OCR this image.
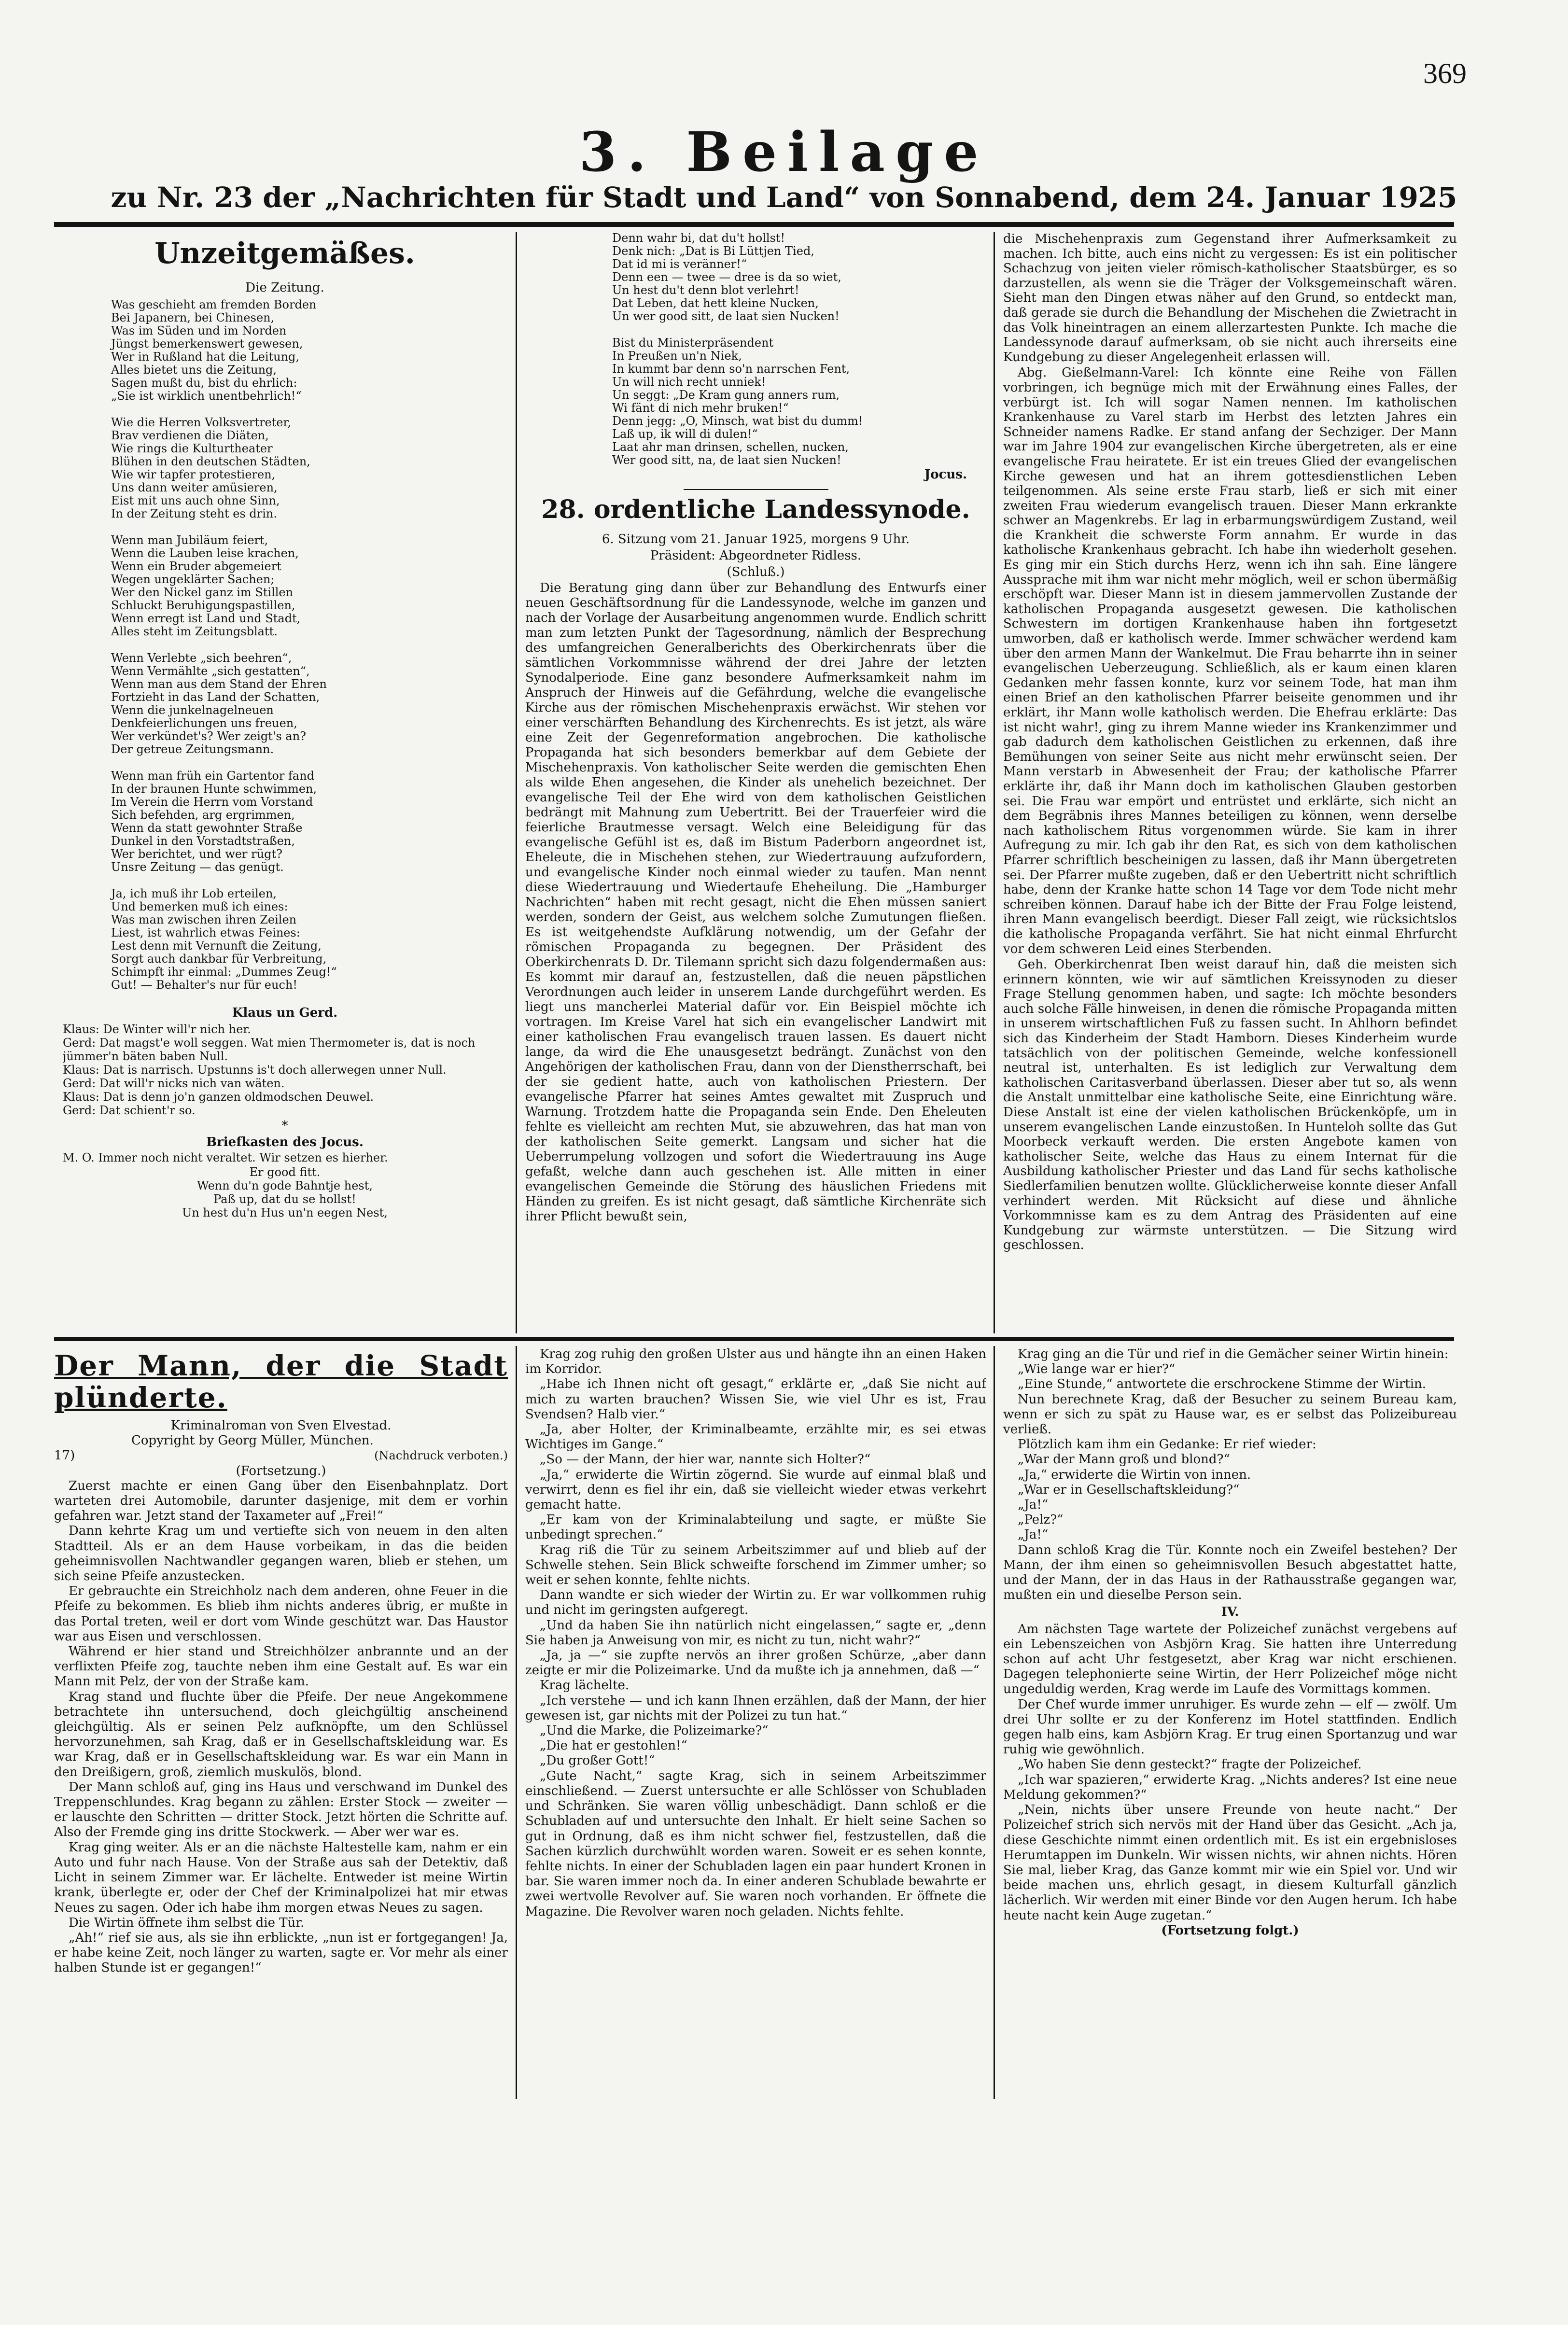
369
3. Beilage
zu Nr. 23 der „Nachrichten für Stadt und Land“ von Sonnabend, dem 24. Januar 1925
Unzeitgemäßes.

Die Zeitung.

Was geschieht am fremden Borden
Bei Japanern, bei Chinesen,
Was im Süden und im Norden
Jüngst bemerkenswert gewesen,
Wer in Rußland hat die Leitung,
Alles bietet uns die Zeitung,
Sagen mußt du, bist du ehrlich:
„Sie ist wirklich unentbehrlich!“

Wie die Herren Volksvertreter,
Brav verdienen die Diäten,
Wie rings die Kulturtheater
Blühen in den deutschen Städten,
Wie wir tapfer protestieren,
Uns dann weiter amüsieren,
Eist mit uns auch ohne Sinn,
In der Zeitung steht es drin.

Wenn man Jubiläum feiert,
Wenn die Lauben leise krachen,
Wenn ein Bruder abgemeiert
Wegen ungeklärter Sachen;
Wer den Nickel ganz im Stillen
Schluckt Beruhigungspastillen,
Wenn erregt ist Land und Stadt,
Alles steht im Zeitungsblatt.

Wenn Verlebte „sich beehren“,
Wenn Vermählte „sich gestatten“,
Wenn man aus dem Stand der Ehren
Fortzieht in das Land der Schatten,
Wenn die junkelnagelneuen
Denkfeierlichungen uns freuen,
Wer verkündet's? Wer zeigt's an?
Der getreue Zeitungsmann.

Wenn man früh ein Gartentor fand
In der braunen Hunte schwimmen,
Im Verein die Herrn vom Vorstand
Sich befehden, arg ergrimmen,
Wenn da statt gewohnter Straße
Dunkel in den Vorstadtstraßen,
Wer berichtet, und wer rügt?
Unsre Zeitung — das genügt.

Ja, ich muß ihr Lob erteilen,
Und bemerken muß ich eines:
Was man zwischen ihren Zeilen
Liest, ist wahrlich etwas Feines:
Lest denn mit Vernunft die Zeitung,
Sorgt auch dankbar für Verbreitung,
Schimpft ihr einmal: „Dummes Zeug!“
Gut! — Behalter's nur für euch!

Klaus un Gerd.

Klaus: De Winter will'r nich her.

Gerd: Dat magst'e woll seggen. Wat mien Thermometer is, dat is noch jümmer'n bäten baben Null.

Klaus: Dat is narrisch. Upstunns is't doch allerwegen unner Null.

Gerd: Dat will'r nicks nich van wäten.

Klaus: Dat is denn jo'n ganzen oldmodschen Deuwel.

Gerd: Dat schient'r so.

*

Briefkasten des Jocus.

M. O. Immer noch nicht veraltet. Wir setzen es hierher.

Er good fitt.
Wenn du'n gode Bahntje hest,
Paß up, dat du se hollst!
Un hest du'n Hus un'n eegen Nest,

Denn wahr bi, dat du't hollst!
Denk nich: „Dat is Bi Lüttjen Tied,
Dat id mi is veränner!“
Denn een — twee — dree is da so wiet,
Un hest du't denn blot verlehrt!
Dat Leben, dat hett kleine Nucken,
Un wer good sitt, de laat sien Nucken!

Bist du Ministerpräsendent
In Preußen un'n Niek,
In kummt bar denn so'n narrschen Fent,
Un will nich recht unniek!
Un seggt: „De Kram gung anners rum,
Wi fänt di nich mehr bruken!“
Denn jegg: „O, Minsch, wat bist du dumm!
Laß up, ik will di dulen!“
Laat ahr man drinsen, schellen, nucken,
Wer good sitt, na, de laat sien Nucken!

Jocus.

28. ordentliche Landessynode.

6. Sitzung vom 21. Januar 1925, morgens 9 Uhr.

Präsident: Abgeordneter Ridless.

(Schluß.)

Die Beratung ging dann über zur Behandlung des Entwurfs einer neuen Geschäftsordnung für die Landessynode, welche im ganzen und nach der Vorlage der Ausarbeitung angenommen wurde. Endlich schritt man zum letzten Punkt der Tagesordnung, nämlich der Besprechung des umfangreichen Generalberichts des Oberkirchenrats über die sämtlichen Vorkommnisse während der drei Jahre der letzten Synodalperiode. Eine ganz besondere Aufmerksamkeit nahm im Anspruch der Hinweis auf die Gefährdung, welche die evangelische Kirche aus der römischen Mischehenpraxis erwächst. Wir stehen vor einer verschärften Behandlung des Kirchenrechts. Es ist jetzt, als wäre eine Zeit der Gegenreformation angebrochen. Die katholische Propaganda hat sich besonders bemerkbar auf dem Gebiete der Mischehenpraxis. Von katholischer Seite werden die gemischten Ehen als wilde Ehen angesehen, die Kinder als unehelich bezeichnet. Der evangelische Teil der Ehe wird von dem katholischen Geistlichen bedrängt mit Mahnung zum Uebertritt. Bei der Trauerfeier wird die feierliche Brautmesse versagt. Welch eine Beleidigung für das evangelische Gefühl ist es, daß im Bistum Paderborn angeordnet ist, Eheleute, die in Mischehen stehen, zur Wiedertrauung aufzufordern, und evangelische Kinder noch einmal wieder zu taufen. Man nennt diese Wiedertrauung und Wiedertaufe Eheheilung. Die „Hamburger Nachrichten“ haben mit recht gesagt, nicht die Ehen müssen saniert werden, sondern der Geist, aus welchem solche Zumutungen fließen. Es ist weitgehendste Aufklärung notwendig, um der Gefahr der römischen Propaganda zu begegnen. Der Präsident des Oberkirchenrats D. Dr. Tilemann spricht sich dazu folgendermaßen aus: Es kommt mir darauf an, festzustellen, daß die neuen päpstlichen Verordnungen auch leider in unserem Lande durchgeführt werden. Es liegt uns mancherlei Material dafür vor. Ein Beispiel möchte ich vortragen. Im Kreise Varel hat sich ein evangelischer Landwirt mit einer katholischen Frau evangelisch trauen lassen. Es dauert nicht lange, da wird die Ehe unausgesetzt bedrängt. Zunächst von den Angehörigen der katholischen Frau, dann von der Dienstherrschaft, bei der sie gedient hatte, auch von katholischen Priestern. Der evangelische Pfarrer hat seines Amtes gewaltet mit Zuspruch und Warnung. Trotzdem hatte die Propaganda sein Ende. Den Eheleuten fehlte es vielleicht am rechten Mut, sie abzuwehren, das hat man von der katholischen Seite gemerkt. Langsam und sicher hat die Ueberrumpelung vollzogen und sofort die Wiedertrauung ins Auge gefaßt, welche dann auch geschehen ist. Alle mitten in einer evangelischen Gemeinde die Störung des häuslichen Friedens mit Händen zu greifen. Es ist nicht gesagt, daß sämtliche Kirchenräte sich ihrer Pflicht bewußt sein,

die Mischehenpraxis zum Gegenstand ihrer Aufmerksamkeit zu machen. Ich bitte, auch eins nicht zu vergessen: Es ist ein politischer Schachzug von jeiten vieler römisch-katholischer Staatsbürger, es so darzustellen, als wenn sie die Träger der Volksgemeinschaft wären. Sieht man den Dingen etwas näher auf den Grund, so entdeckt man, daß gerade sie durch die Behandlung der Mischehen die Zwietracht in das Volk hineintragen an einem allerzartesten Punkte. Ich mache die Landessynode darauf aufmerksam, ob sie nicht auch ihrerseits eine Kundgebung zu dieser Angelegenheit erlassen will.

Abg. Gießelmann-Varel: Ich könnte eine Reihe von Fällen vorbringen, ich begnüge mich mit der Erwähnung eines Falles, der verbürgt ist. Ich will sogar Namen nennen. Im katholischen Krankenhause zu Varel starb im Herbst des letzten Jahres ein Schneider namens Radke. Er stand anfang der Sechziger. Der Mann war im Jahre 1904 zur evangelischen Kirche übergetreten, als er eine evangelische Frau heiratete. Er ist ein treues Glied der evangelischen Kirche gewesen und hat an ihrem gottesdienstlichen Leben teilgenommen. Als seine erste Frau starb, ließ er sich mit einer zweiten Frau wiederum evangelisch trauen. Dieser Mann erkrankte schwer an Magenkrebs. Er lag in erbarmungswürdigem Zustand, weil die Krankheit die schwerste Form annahm. Er wurde in das katholische Krankenhaus gebracht. Ich habe ihn wiederholt gesehen. Es ging mir ein Stich durchs Herz, wenn ich ihn sah. Eine längere Aussprache mit ihm war nicht mehr möglich, weil er schon übermäßig erschöpft war. Dieser Mann ist in diesem jammervollen Zustande der katholischen Propaganda ausgesetzt gewesen. Die katholischen Schwestern im dortigen Krankenhause haben ihn fortgesetzt umworben, daß er katholisch werde. Immer schwächer werdend kam über den armen Mann der Wankelmut. Die Frau beharrte ihn in seiner evangelischen Ueberzeugung. Schließlich, als er kaum einen klaren Gedanken mehr fassen konnte, kurz vor seinem Tode, hat man ihm einen Brief an den katholischen Pfarrer beiseite genommen und ihr erklärt, ihr Mann wolle katholisch werden. Die Ehefrau erklärte: Das ist nicht wahr!, ging zu ihrem Manne wieder ins Krankenzimmer und gab dadurch dem katholischen Geistlichen zu erkennen, daß ihre Bemühungen von seiner Seite aus nicht mehr erwünscht seien. Der Mann verstarb in Abwesenheit der Frau; der katholische Pfarrer erklärte ihr, daß ihr Mann doch im katholischen Glauben gestorben sei. Die Frau war empört und entrüstet und erklärte, sich nicht an dem Begräbnis ihres Mannes beteiligen zu können, wenn derselbe nach katholischem Ritus vorgenommen würde. Sie kam in ihrer Aufregung zu mir. Ich gab ihr den Rat, es sich von dem katholischen Pfarrer schriftlich bescheinigen zu lassen, daß ihr Mann übergetreten sei. Der Pfarrer mußte zugeben, daß er den Uebertritt nicht schriftlich habe, denn der Kranke hatte schon 14 Tage vor dem Tode nicht mehr schreiben können. Darauf habe ich der Bitte der Frau Folge leistend, ihren Mann evangelisch beerdigt. Dieser Fall zeigt, wie rücksichtslos die katholische Propaganda verfährt. Sie hat nicht einmal Ehrfurcht vor dem schweren Leid eines Sterbenden.

Geh. Oberkirchenrat Iben weist darauf hin, daß die meisten sich erinnern könnten, wie wir auf sämtlichen Kreissynoden zu dieser Frage Stellung genommen haben, und sagte: Ich möchte besonders auch solche Fälle hinweisen, in denen die römische Propaganda mitten in unserem wirtschaftlichen Fuß zu fassen sucht. In Ahlhorn befindet sich das Kinderheim der Stadt Hamborn. Dieses Kinderheim wurde tatsächlich von der politischen Gemeinde, welche konfessionell neutral ist, unterhalten. Es ist lediglich zur Verwaltung dem katholischen Caritasverband überlassen. Dieser aber tut so, als wenn die Anstalt unmittelbar eine katholische Seite, eine Einrichtung wäre. Diese Anstalt ist eine der vielen katholischen Brückenköpfe, um in unserem evangelischen Lande einzustoßen. In Hunteloh sollte das Gut Moorbeck verkauft werden. Die ersten Angebote kamen von katholischer Seite, welche das Haus zu einem Internat für die Ausbildung katholischer Priester und das Land für sechs katholische Siedlerfamilien benutzen wollte. Glücklicherweise konnte dieser Anfall verhindert werden. Mit Rücksicht auf diese und ähnliche Vorkommnisse kam es zu dem Antrag des Präsidenten auf eine Kundgebung zur wärmste unterstützen. — Die Sitzung wird geschlossen.

Der Mann, der die Stadt plünderte.

Kriminalroman von Sven Elvestad.

Copyright by Georg Müller, München.

17)	(Nachdruck verboten.)

(Fortsetzung.)

Zuerst machte er einen Gang über den Eisenbahnplatz. Dort warteten drei Automobile, darunter dasjenige, mit dem er vorhin gefahren war. Jetzt stand der Taxameter auf „Frei!“

Dann kehrte Krag um und vertiefte sich von neuem in den alten Stadtteil. Als er an dem Hause vorbeikam, in das die beiden geheimnisvollen Nachtwandler gegangen waren, blieb er stehen, um sich seine Pfeife anzustecken.

Er gebrauchte ein Streichholz nach dem anderen, ohne Feuer in die Pfeife zu bekommen. Es blieb ihm nichts anderes übrig, er mußte in das Portal treten, weil er dort vom Winde geschützt war. Das Haustor war aus Eisen und verschlossen.

Während er hier stand und Streichhölzer anbrannte und an der verflixten Pfeife zog, tauchte neben ihm eine Gestalt auf. Es war ein Mann mit Pelz, der von der Straße kam.

Krag stand und fluchte über die Pfeife. Der neue Angekommene betrachtete ihn untersuchend, doch gleichgültig anscheinend gleichgültig. Als er seinen Pelz aufknöpfte, um den Schlüssel hervorzunehmen, sah Krag, daß er in Gesellschaftskleidung war. Es war Krag, daß er in Gesellschaftskleidung war. Es war ein Mann in den Dreißigern, groß, ziemlich muskulös, blond.

Der Mann schloß auf, ging ins Haus und verschwand im Dunkel des Treppenschlundes. Krag begann zu zählen: Erster Stock — zweiter — er lauschte den Schritten — dritter Stock. Jetzt hörten die Schritte auf. Also der Fremde ging ins dritte Stockwerk. — Aber wer war es.

Krag ging weiter. Als er an die nächste Haltestelle kam, nahm er ein Auto und fuhr nach Hause. Von der Straße aus sah der Detektiv, daß Licht in seinem Zimmer war. Er lächelte. Entweder ist meine Wirtin krank, überlegte er, oder der Chef der Kriminalpolizei hat mir etwas Neues zu sagen. Oder ich habe ihm morgen etwas Neues zu sagen.

Die Wirtin öffnete ihm selbst die Tür.

„Ah!“ rief sie aus, als sie ihn erblickte, „nun ist er fortgegangen! Ja, er habe keine Zeit, noch länger zu warten, sagte er. Vor mehr als einer halben Stunde ist er gegangen!“

Krag zog ruhig den großen Ulster aus und hängte ihn an einen Haken im Korridor.

„Habe ich Ihnen nicht oft gesagt,“ erklärte er, „daß Sie nicht auf mich zu warten brauchen? Wissen Sie, wie viel Uhr es ist, Frau Svendsen? Halb vier.“

„Ja, aber Holter, der Kriminalbeamte, erzählte mir, es sei etwas Wichtiges im Gange.“

„So — der Mann, der hier war, nannte sich Holter?“

„Ja,“ erwiderte die Wirtin zögernd. Sie wurde auf einmal blaß und verwirrt, denn es fiel ihr ein, daß sie vielleicht wieder etwas verkehrt gemacht hatte.

„Er kam von der Kriminalabteilung und sagte, er müßte Sie unbedingt sprechen.“

Krag riß die Tür zu seinem Arbeitszimmer auf und blieb auf der Schwelle stehen. Sein Blick schweifte forschend im Zimmer umher; so weit er sehen konnte, fehlte nichts.

Dann wandte er sich wieder der Wirtin zu. Er war vollkommen ruhig und nicht im geringsten aufgeregt.

„Und da haben Sie ihn natürlich nicht eingelassen,“ sagte er, „denn Sie haben ja Anweisung von mir, es nicht zu tun, nicht wahr?“

„Ja, ja —“ sie zupfte nervös an ihrer großen Schürze, „aber dann zeigte er mir die Polizeimarke. Und da mußte ich ja annehmen, daß —“

Krag lächelte.

„Ich verstehe — und ich kann Ihnen erzählen, daß der Mann, der hier gewesen ist, gar nichts mit der Polizei zu tun hat.“

„Und die Marke, die Polizeimarke?“

„Die hat er gestohlen!“

„Du großer Gott!“

„Gute Nacht,“ sagte Krag, sich in seinem Arbeitszimmer einschließend. — Zuerst untersuchte er alle Schlösser von Schubladen und Schränken. Sie waren völlig unbeschädigt. Dann schloß er die Schubladen auf und untersuchte den Inhalt. Er hielt seine Sachen so gut in Ordnung, daß es ihm nicht schwer fiel, festzustellen, daß die Sachen kürzlich durchwühlt worden waren. Soweit er es sehen konnte, fehlte nichts. In einer der Schubladen lagen ein paar hundert Kronen in bar. Sie waren immer noch da. In einer anderen Schublade bewahrte er zwei wertvolle Revolver auf. Sie waren noch vorhanden. Er öffnete die Magazine. Die Revolver waren noch geladen. Nichts fehlte.

Krag ging an die Tür und rief in die Gemächer seiner Wirtin hinein:

„Wie lange war er hier?“

„Eine Stunde,“ antwortete die erschrockene Stimme der Wirtin.

Nun berechnete Krag, daß der Besucher zu seinem Bureau kam, wenn er sich zu spät zu Hause war, es er selbst das Polizeibureau verließ.

Plötzlich kam ihm ein Gedanke: Er rief wieder:

„War der Mann groß und blond?“

„Ja,“ erwiderte die Wirtin von innen.

„War er in Gesellschaftskleidung?“

„Ja!“

„Pelz?“

„Ja!“

Dann schloß Krag die Tür. Konnte noch ein Zweifel bestehen? Der Mann, der ihm einen so geheimnisvollen Besuch abgestattet hatte, und der Mann, der in das Haus in der Rathausstraße gegangen war, mußten ein und dieselbe Person sein.

IV.

Am nächsten Tage wartete der Polizeichef zunächst vergebens auf ein Lebenszeichen von Asbjörn Krag. Sie hatten ihre Unterredung schon auf acht Uhr festgesetzt, aber Krag war nicht erschienen. Dagegen telephonierte seine Wirtin, der Herr Polizeichef möge nicht ungeduldig werden, Krag werde im Laufe des Vormittags kommen.

Der Chef wurde immer unruhiger. Es wurde zehn — elf — zwölf. Um drei Uhr sollte er zu der Konferenz im Hotel stattfinden. Endlich gegen halb eins, kam Asbjörn Krag. Er trug einen Sportanzug und war ruhig wie gewöhnlich.

„Wo haben Sie denn gesteckt?“ fragte der Polizeichef.

„Ich war spazieren,“ erwiderte Krag. „Nichts anderes? Ist eine neue Meldung gekommen?“

„Nein, nichts über unsere Freunde von heute nacht.“ Der Polizeichef strich sich nervös mit der Hand über das Gesicht. „Ach ja, diese Geschichte nimmt einen ordentlich mit. Es ist ein ergebnisloses Herumtappen im Dunkeln. Wir wissen nichts, wir ahnen nichts. Hören Sie mal, lieber Krag, das Ganze kommt mir wie ein Spiel vor. Und wir beide machen uns, ehrlich gesagt, in diesem Kulturfall gänzlich lächerlich. Wir werden mit einer Binde vor den Augen herum. Ich habe heute nacht kein Auge zugetan.“

(Fortsetzung folgt.)
